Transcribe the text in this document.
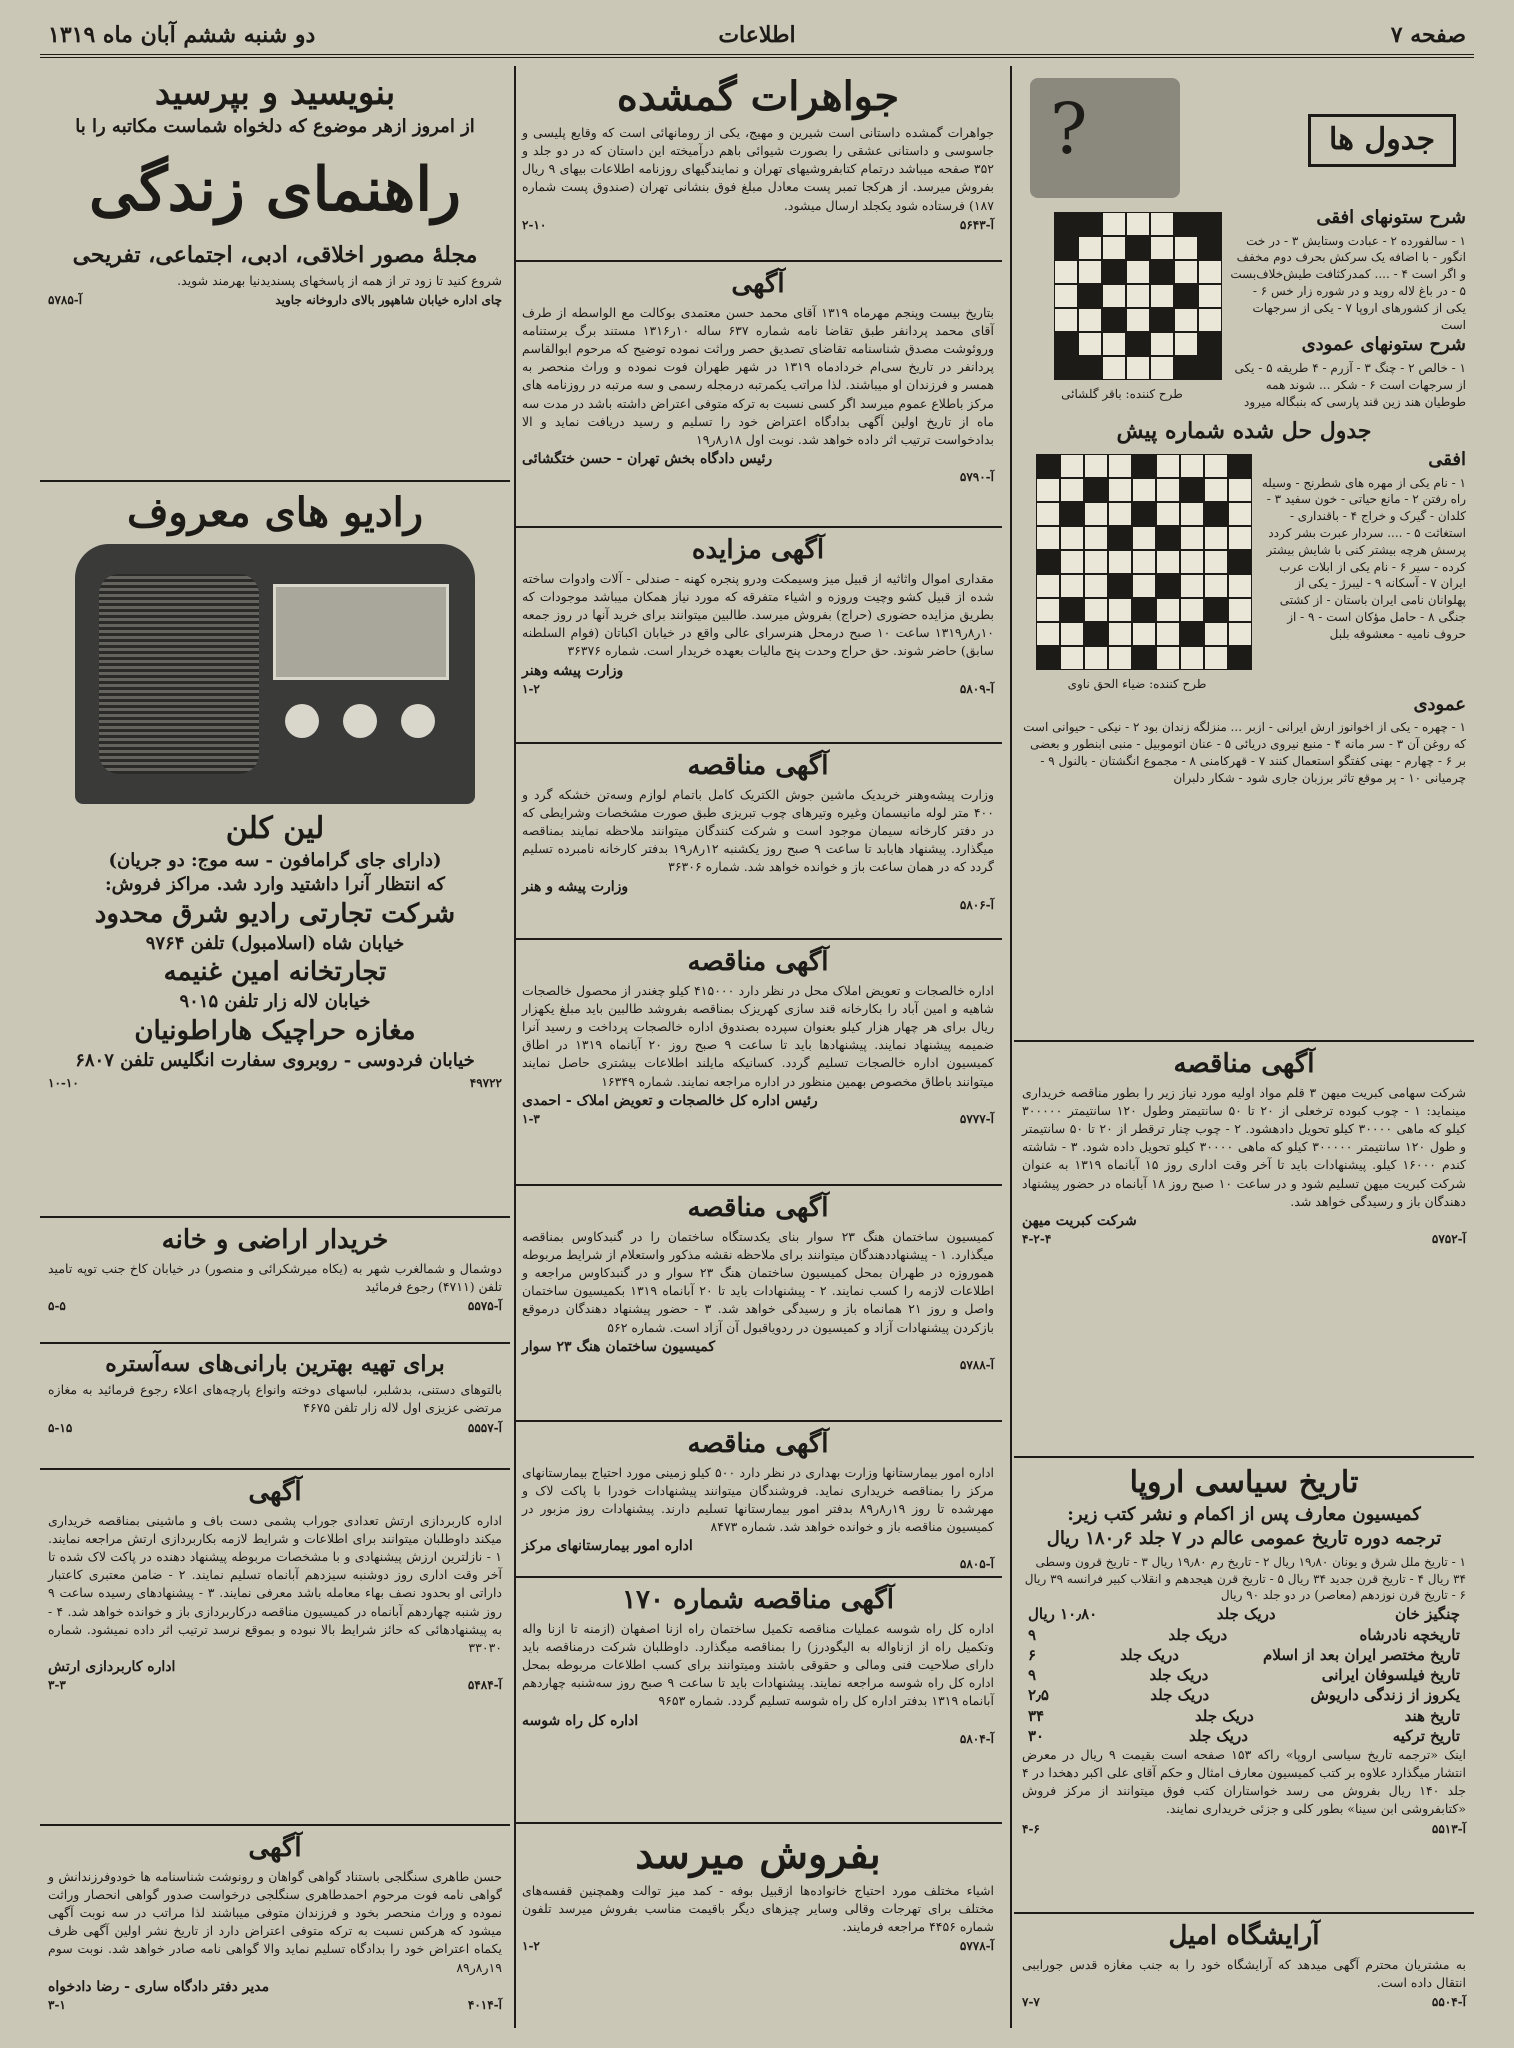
صفحه ۷
اطلاعات
دو شنبه ششم آبان ماه ۱۳۱۹
?	جدول ها
شرح ستونهای افقی
۱ - سالفورده ۲ - عبادت وستایش ۳ - در خت انگور - با اضافه یک سرکش بحرف دوم مخفف و اگر است ۴ - .... کمدرکثافت طیش‌خلاف‌بست ۵ - در باغ لاله روید و در شوره زار خس ۶ - یکی از کشورهای اروپا ۷ - یکی از سرجهات است
شرح ستونهای عمودی
۱ - خالص ۲ - چنگ ۳ - آزرم - ۴ طریقه ۵ - یکی از سرجهات است ۶ - شکر ... شوند همه طوطیان هند زین قند پارسی که بنبگاله میرود
طرح کننده: باقر گلشائی
جدول حل شده شماره پیش
افقی
۱ - نام یکی از مهره های شطرنج - وسیله راه رفتن ۲ - مانع حیاتی - خون سفید ۳ - کلدان - گیرک و خراج ۴ - باقنداری - استغاثت ۵ - .... سردار عبرت بشر کردد پرسش هرچه بیشتر کنی با شایش بیشتر کرده - سیر ۶ - نام یکی از ابلات عرب ایران ۷ - آسکانه ۹ - لیبرژ - یکی از پهلوانان نامی ایران باستان - از کشتی جنگی ۸ - حامل مؤکان است - ۹ - از حروف نامیه - معشوقه بلبل
طرح کننده: ضیاء الحق ناوی
عمودی
۱ - چهره - یکی از اخوانوز ارش ایرانی - ازبر ... منزلگه زندان بود ۲ - نیکی - حیوانی است که روغن آن ۳ - سر مانه ۴ - منبع نیروی دریائی ۵ - عنان اتوموبیل - منبی ابنطور و بعضی بر ۶ - چهارم - بهنی کفتگو استعمال کنند ۷ - قهرکامنی ۸ - مجموع انگشتان - بالنول ۹ - چرمیانی ۱۰ - پر موقع تاثر برزبان جاری شود - شکار دلبران
آگهی مناقصه
شرکت سهامی کبریت میهن ۳ قلم مواد اولیه مورد نیاز زیر را بطور مناقصه خریداری مینماید: ۱ - چوب کبوده ترخعلی از ۲۰ تا ۵۰ سانتیمتر وطول ۱۲۰ سانتیمتر ۳۰۰۰۰۰ کیلو که ماهی ۳۰۰۰۰ کیلو تحویل دادهشود. ۲ - چوب چنار ترقطر از ۲۰ تا ۵۰ سانتیمتر و طول ۱۲۰ سانتیمتر ۳۰۰۰۰۰ کیلو که ماهی ۳۰۰۰۰ کیلو تحویل داده شود. ۳ - شاشته کندم ۱۶۰۰۰ کیلو. پیشنهادات باید تا آخر وقت اداری روز ۱۵ آبانماه ۱۳۱۹ به عنوان شرکت کبریت میهن تسلیم شود و در ساعت ۱۰ صبح روز ۱۸ آبانماه در حضور پیشنهاد دهندگان باز و رسیدگی خواهد شد.
شرکت کبریت میهن
آ-۵۷۵۲
۴-۲-۴
تاریخ سیاسی اروپا
کمیسیون معارف پس از اکمام و نشر کتب زیر:
ترجمه دوره تاریخ عمومی عالم در ۷ جلد ۶ر۱۸۰ ریال
۱ - تاریخ ملل شرق و یونان ۱۹٫۸۰ ریال ۲ - تاریخ رم ۱۹٫۸۰ ریال ۳ - تاریخ قرون وسطی ۳۴ ریال ۴ - تاریخ قرن جدید ۳۴ ریال ۵ - تاریخ قرن هیجدهم و انقلاب کبیر فرانسه ۳۹ ریال ۶ - تاریخ قرن نوزدهم (معاصر) در دو جلد ۹۰ ریال
چنگیز خان
دریک جلد
۱۰٫۸۰ ریال
تاریخچه نادرشاه
دریک جلد
۹
تاریخ مختصر ایران بعد از اسلام
دریک جلد
۶
تاریخ فیلسوفان ایرانی
دریک جلد
۹
یکروز از زندگی داریوش
دریک جلد
۲٫۵
تاریخ هند
دریک جلد
۳۴
تاریخ ترکیه
دریک جلد
۳۰
اینک «ترجمه تاریخ سیاسی اروپا» راکه ۱۵۳ صفحه است بقیمت ۹ ریال در معرض انتشار میگذارد علاوه بر کتب کمیسیون معارف امثال و حکم آقای علی اکبر دهخدا در ۴ جلد ۱۴۰ ریال بفروش می رسد خواستاران کتب فوق میتوانند از مرکز فروش «کتابفروشی ابن سینا» بطور کلی و جزئی خریداری نمایند.
آ-۵۵۱۳
۴-۶
آرایشگاه امیل
به مشتریان محترم آگهی میدهد که آرایشگاه خود را به جنب مغازه قدس جوراببی انتقال داده است.
آ-۵۵۰۴
۷-۷
جواهرات گمشده
جواهرات گمشده داستانی است شیرین و مهیج، یکی از رومانهائی است که وقایع پلیسی و جاسوسی و داستانی عشقی را بصورت شیوائی باهم درآمیخته این داستان که در دو جلد و ۳۵۲ صفحه میباشد درتمام کتابفروشیهای تهران و نمایندگیهای روزنامه اطلاعات بیهای ۹ ریال بفروش میرسد. از هرکجا تمبر پست معادل مبلغ فوق بنشانی تهران (صندوق پست شماره ۱۸۷) فرستاده شود یکجلد ارسال میشود.
آ-۵۶۴۳
۲-۱۰
آگهی
بتاریخ بیست وپنجم مهرماه ۱۳۱۹ آقای محمد حسن معتمدی بوکالت مع الواسطه از طرف آقای محمد پردانفر طبق تقاضا نامه شماره ۶۳۷ ساله ۱۰ر۱۳۱۶ مستند برگ برستنامه وروئوشت مصدق شناسنامه تقاضای تصدیق حصر وراثت نموده توضیح که مرحوم ابوالقاسم پردانفر در تاریخ سی‌ام خردادماه ۱۳۱۹ در شهر طهران فوت نموده و وراث منحصر به همسر و فرزندان او میباشند. لذا مراتب یکمرتبه درمجله رسمی و سه مرتبه در روزنامه های مرکز باطلاع عموم میرسد اگر کسی نسبت به ترکه متوفی اعتراض داشته باشد در مدت سه ماه از تاریخ اولین آگهی بدادگاه اعتراض خود را تسلیم و رسید دریافت نماید و الا بدادخواست ترتیب اثر داده خواهد شد. نوبت اول ۱۸ر۸ر۱۹
رئیس دادگاه بخش تهران - حسن ختگشائی
آ-۵۷۹۰
آگهی مزایده
مقداری اموال واثاثیه از قبیل میز وسیمکت ودرو پنجره کهنه - صندلی - آلات وادوات ساخته شده از قبیل کشو وچیت وروزه و اشیاء متفرقه که مورد نیاز همکان میباشد موجودات که بطریق مزایده حضوری (حراج) بفروش میرسد. طالبین میتوانند برای خرید آنها در روز جمعه ۱۰ر۸ر۱۳۱۹ ساعت ۱۰ صبح درمحل هنرسرای عالی واقع در خیابان اکباتان (فوام السلطنه سابق) حاضر شوند. حق حراج وحدت پنج مالیات بعهده خریدار است. شماره ۳۶۳۷۶
وزارت پیشه وهنر
آ-۵۸۰۹
۱-۲
آگهی مناقصه
وزارت پیشه‌وهنر خریدیک ماشین جوش الکتریک کامل باتمام لوازم وسه‌تن خشکه گرد و ۴۰۰ متر لوله مانیسمان وغیره وتیرهای چوب تبریزی طبق صورت مشخصات وشرایطی که در دفتر کارخانه سیمان موجود است و شرکت کنندگان میتوانند ملاحظه نمایند بمناقصه میگذارد. پیشنهاد هابابد تا ساعت ۹ صبح روز یکشنبه ۱۲ر۸ر۱۹ بدفتر کارخانه نامبرده تسلیم گردد که در همان ساعت باز و خوانده خواهد شد. شماره ۳۶۳۰۶
وزارت پیشه و هنر
آ-۵۸۰۶
آگهی مناقصه
اداره خالصجات و تعویض املاک محل در نظر دارد ۴۱۵۰۰۰ کیلو چغندر از محصول خالصجات شاهیه و امین آباد را بکارخانه قند سازی کهریزک بمناقصه بفروشد طالبین باید مبلغ یکهزار ریال برای هر چهار هزار کیلو بعنوان سپرده بصندوق اداره خالصجات پرداخت و رسید آنرا ضمیمه پیشنهاد نمایند. پیشنهادها باید تا ساعت ۹ صبح روز ۲۰ آبانماه ۱۳۱۹ در اطاق کمیسیون اداره خالصجات تسلیم گردد. کسانیکه مایلند اطلاعات بیشتری حاصل نمایند میتوانند باطاق مخصوص بهمین منظور در اداره مراجعه نمایند. شماره ۱۶۳۴۹
رئیس اداره کل خالصجات و تعویض املاک - احمدی
آ-۵۷۷۷
۱-۳
آگهی مناقصه
کمیسیون ساختمان هنگ ۲۳ سوار بنای یکدستگاه ساختمان را در گنبدکاوس بمناقصه میگذارد. ۱ - پیشنهاددهندگان میتوانند برای ملاحظه نقشه مذکور واستعلام از شرایط مربوطه هموروزه در طهران بمحل کمیسیون ساختمان هنگ ۲۳ سوار و در گنبدکاوس مراجعه و اطلاعات لازمه را کسب نمایند. ۲ - پیشنهادات باید تا ۲۰ آبانماه ۱۳۱۹ بکمیسیون ساختمان واصل و روز ۲۱ همانماه باز و رسیدگی خواهد شد. ۳ - حضور پیشنهاد دهندگان درموقع بازکردن پیشنهادات آزاد و کمیسیون در ردویاقبول آن آزاد است. شماره ۵۶۲
کمیسیون ساختمان هنگ ۲۳ سوار
آ-۵۷۸۸
آگهی مناقصه
اداره امور بیمارستانها وزارت بهداری در نظر دارد ۵۰۰ کیلو زمینی مورد احتیاج بیمارستانهای مرکز را بمناقصه خریداری نماید. فروشندگان میتوانند پیشنهادات خودرا با پاکت لاک و مهرشده تا روز ۱۹ر۸ر۸۹ بدفتر امور بیمارستانها تسلیم دارند. پیشنهادات روز مزبور در کمیسیون مناقصه باز و خوانده خواهد شد. شماره ۸۴۷۳
اداره امور بیمارستانهای مرکز
آ-۵۸۰۵
آگهی مناقصه شماره ۱۷۰
اداره کل راه شوسه عملیات مناقصه تکمیل ساختمان راه ازنا اصفهان (ازمنه تا ازنا واله وتکمیل راه از ازناواله به الیگودرز) را بمناقصه میگذارد. داوطلبان شرکت درمناقصه باید دارای صلاحیت فنی ومالی و حقوقی باشند ومیتوانند برای کسب اطلاعات مربوطه بمحل اداره کل راه شوسه مراجعه نمایند. پیشنهادات باید تا ساعت ۹ صبح روز سه‌شنبه چهاردهم آبانماه ۱۳۱۹ بدفتر اداره کل راه شوسه تسلیم گردد. شماره ۹۶۵۳
اداره کل راه شوسه
آ-۵۸۰۴
بفروش میرسد
اشیاء مختلف مورد احتیاج خانواده‌ها ازقبیل بوفه - کمد میز توالت وهمچنین قفسه‌های مختلف برای تهرجات وقالی وسایر چیزهای دیگر باقیمت مناسب بفروش میرسد تلفون شماره ۴۴۵۶ مراجعه فرمایند.
آ-۵۷۷۸
۱-۲
بنویسید و بپرسید
از امروز ازهر موضوع که دلخواه شماست مکاتبه را با
راهنمای زندگی
مجلهٔ مصور اخلاقی، ادبی، اجتماعی، تفریحی
شروع کنید تا زود تر از همه از پاسخهای پسندیدنیا بهرمند شوید.
چای اداره خیابان شاهپور بالای داروخانه جاوید
آ-۵۷۸۵
رادیو های معروف
لین کلن
(دارای جای گرامافون - سه موج: دو جریان)
که انتظار آنرا داشتید وارد شد. مراکز فروش:
شرکت تجارتی رادیو شرق محدود
خیابان شاه (اسلامبول) تلفن ۹۷۶۴
تجارتخانه امین غنیمه
خیابان لاله زار تلفن ۹۰۱۵
مغازه حراچیک هاراطونیان
خیابان فردوسی - روبروی سفارت انگلیس تلفن ۶۸۰۷
۴۹۷۲۲
۱۰-۱۰
خریدار اراضی و خانه
دوشمال و شمالغرب شهر به (یکاه میرشکرائی و منصور) در خیابان کاخ جنب توپه تامید تلفن (۴۷۱۱) رجوع فرمائید
آ-۵۵۷۵
۵-۵
برای تهیه بهترین بارانی‌های سه‌آستره
بالتوهای دستنی، بدشلبر، لباسهای دوخته وانواع پارچه‌های اعلاء رجوع فرمائید به مغازه مرتضی عزیزی اول لاله زار تلفن ۴۶۷۵
آ-۵۵۵۷
۵-۱۵
آگهی
اداره کاربردازی ارتش تعدادی جوراب پشمی دست باف و ماشینی بمناقصه خریداری میکند داوطلبان میتوانند برای اطلاعات و شرایط لازمه بکاربردازی ارتش مراجعه نمایند. ۱ - نازلترین ارزش پیشنهادی و با مشخصات مربوطه پیشنهاد دهنده در پاکت لاک شده تا آخر وقت اداری روز دوشنبه سیزدهم آبانماه تسلیم نمایند. ۲ - ضامن معتبری کاعتبار داراتی او بحدود نصف بهاء معامله باشد معرفی نمایند. ۳ - پیشنهادهای رسیده ساعت ۹ روز شنبه چهاردهم آبانماه در کمیسیون مناقصه درکاربردازی باز و خوانده خواهد شد. ۴ - به پیشنهادهائی که حائز شرایط بالا نبوده و بموقع نرسد ترتیب اثر داده نمیشود. شماره ۳۳۰۳۰
اداره کاربردازی ارتش
آ-۵۴۸۴
۳-۳
آگهی
حسن طاهری سنگلجی باستناد گواهی گواهان و رونوشت شناسنامه ها خودوفرزندانش و گواهی نامه فوت مرحوم احمدطاهری سنگلجی درخواست صدور گواهی انحصار وراثت نموده و وراث منحصر بخود و فرزندان متوفی میباشند لذا مراتب در سه نوبت آگهی میشود که هرکس نسبت به ترکه متوفی اعتراض دارد از تاریخ نشر اولین آگهی ظرف یکماه اعتراض خود را بدادگاه تسلیم نماید والا گواهی نامه صادر خواهد شد. نوبت سوم ۱۹ر۸ر۸۹
مدیر دفتر دادگاه ساری - رضا دادخواه
آ-۴۰۱۴
۳-۱
